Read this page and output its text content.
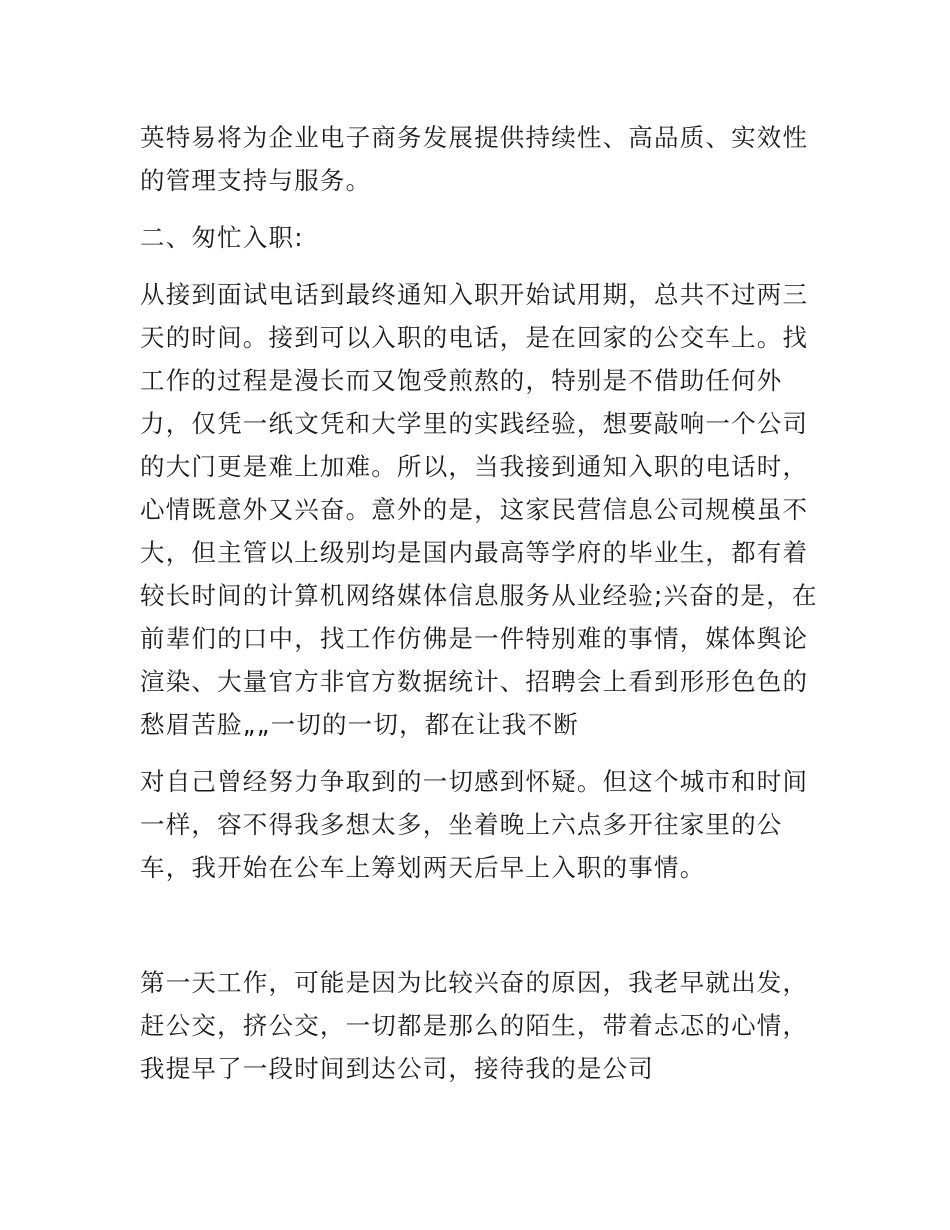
英特易将为企业电子商务发展提供持续性、高品质、实效性的管理支持与服务。

二、匆忙入职:

从接到面试电话到最终通知入职开始试用期，总共不过两三天的时间。接到可以入职的电话，是在回家的公交车上。找工作的过程是漫长而又饱受煎熬的，特别是不借助任何外力，仅凭一纸文凭和大学里的实践经验，想要敲响一个公司的大门更是难上加难。所以，当我接到通知入职的电话时，心情既意外又兴奋。意外的是，这家民营信息公司规模虽不大，但主管以上级别均是国内最高等学府的毕业生，都有着较长时间的计算机网络媒体信息服务从业经验;兴奋的是，在前辈们的口中，找工作仿佛是一件特别难的事情，媒体舆论渲染、大量官方非官方数据统计、招聘会上看到形形色色的愁眉苦脸„„一切的一切，都在让我不断

对自己曾经努力争取到的一切感到怀疑。但这个城市和时间一样，容不得我多想太多，坐着晚上六点多开往家里的公车，我开始在公车上筹划两天后早上入职的事情。

第一天工作，可能是因为比较兴奋的原因，我老早就出发，赶公交，挤公交，一切都是那么的陌生，带着忐忑的心情，我提早了一段时间到达公司，接待我的是公司
